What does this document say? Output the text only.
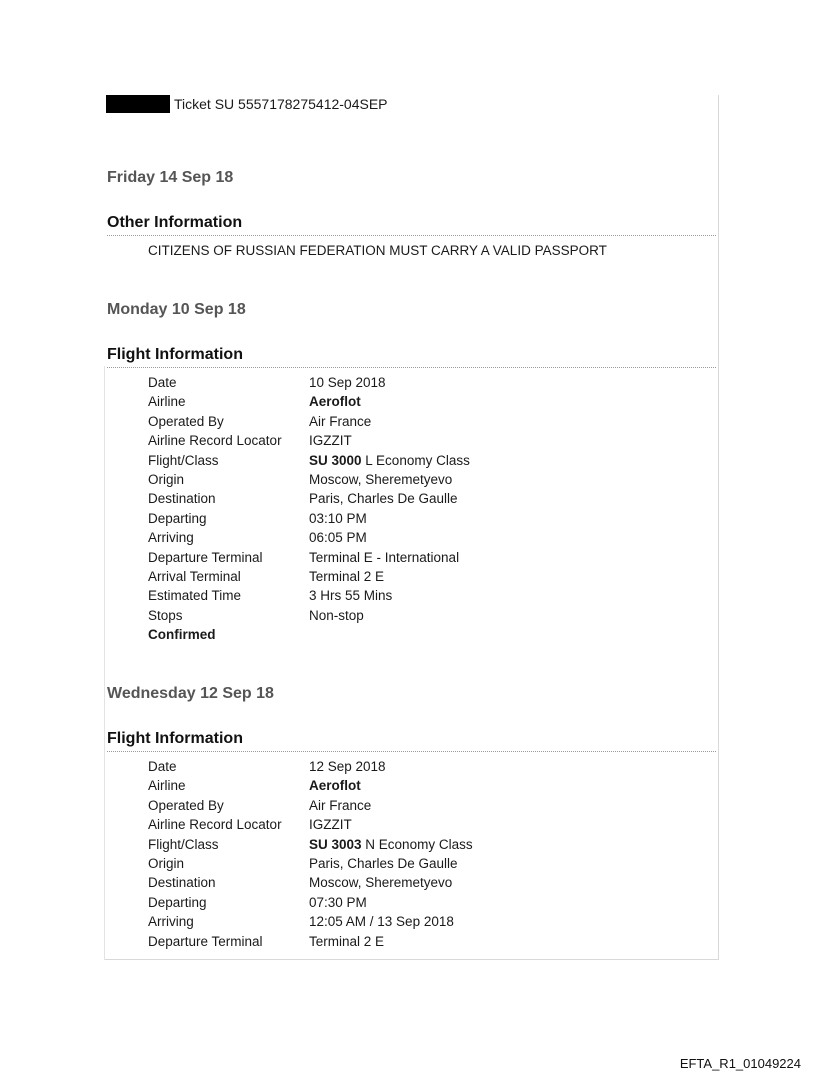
Ticket SU 5557178275412-04SEP
Friday 14 Sep 18
Other Information
CITIZENS OF RUSSIAN FEDERATION MUST CARRY A VALID PASSPORT
Monday 10 Sep 18
Flight Information
Date	10 Sep 2018
Airline	Aeroflot
Operated By	Air France
Airline Record Locator	IGZZIT
Flight/Class	SU 3000 L Economy Class
Origin	Moscow, Sheremetyevo
Destination	Paris, Charles De Gaulle
Departing	03:10 PM
Arriving	06:05 PM
Departure Terminal	Terminal E - International
Arrival Terminal	Terminal 2 E
Estimated Time	3 Hrs 55 Mins
Stops	Non-stop
Confirmed
Wednesday 12 Sep 18
Flight Information
Date	12 Sep 2018
Airline	Aeroflot
Operated By	Air France
Airline Record Locator	IGZZIT
Flight/Class	SU 3003 N Economy Class
Origin	Paris, Charles De Gaulle
Destination	Moscow, Sheremetyevo
Departing	07:30 PM
Arriving	12:05 AM / 13 Sep 2018
Departure Terminal	Terminal 2 E
EFTA_R1_01049224
